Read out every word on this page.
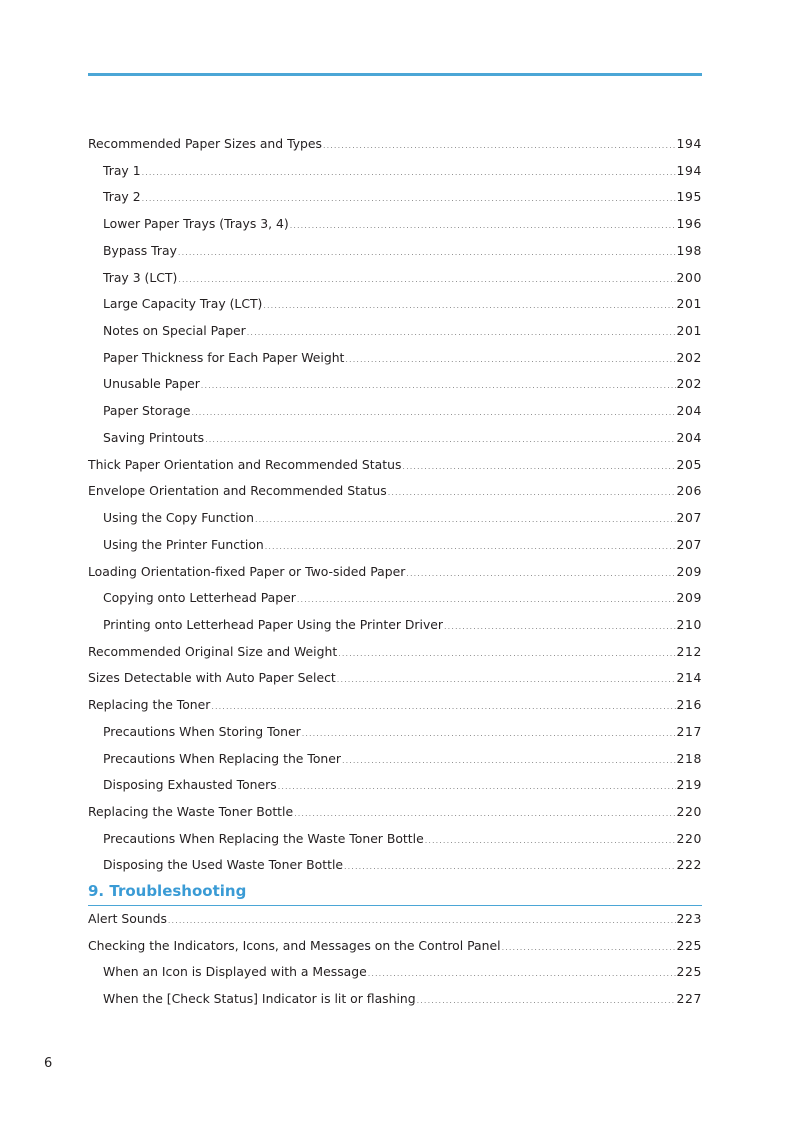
Recommended Paper Sizes and Types .....	194
Tray 1 .....	194
Tray 2 .....	195
Lower Paper Trays (Trays 3, 4) .....	196
Bypass Tray .....	198
Tray 3 (LCT) .....	200
Large Capacity Tray (LCT) .....	201
Notes on Special Paper .....	201
Paper Thickness for Each Paper Weight .....	202
Unusable Paper .....	202
Paper Storage .....	204
Saving Printouts .....	204
Thick Paper Orientation and Recommended Status .....	205
Envelope Orientation and Recommended Status .....	206
Using the Copy Function .....	207
Using the Printer Function .....	207
Loading Orientation-fixed Paper or Two-sided Paper .....	209
Copying onto Letterhead Paper .....	209
Printing onto Letterhead Paper Using the Printer Driver .....	210
Recommended Original Size and Weight .....	212
Sizes Detectable with Auto Paper Select .....	214
Replacing the Toner .....	216
Precautions When Storing Toner .....	217
Precautions When Replacing the Toner .....	218
Disposing Exhausted Toners .....	219
Replacing the Waste Toner Bottle .....	220
Precautions When Replacing the Waste Toner Bottle .....	220
Disposing the Used Waste Toner Bottle .....	222
9. Troubleshooting
Alert Sounds .....	223
Checking the Indicators, Icons, and Messages on the Control Panel .....	225
When an Icon is Displayed with a Message .....	225
When the [Check Status] Indicator is lit or flashing .....	227
6
